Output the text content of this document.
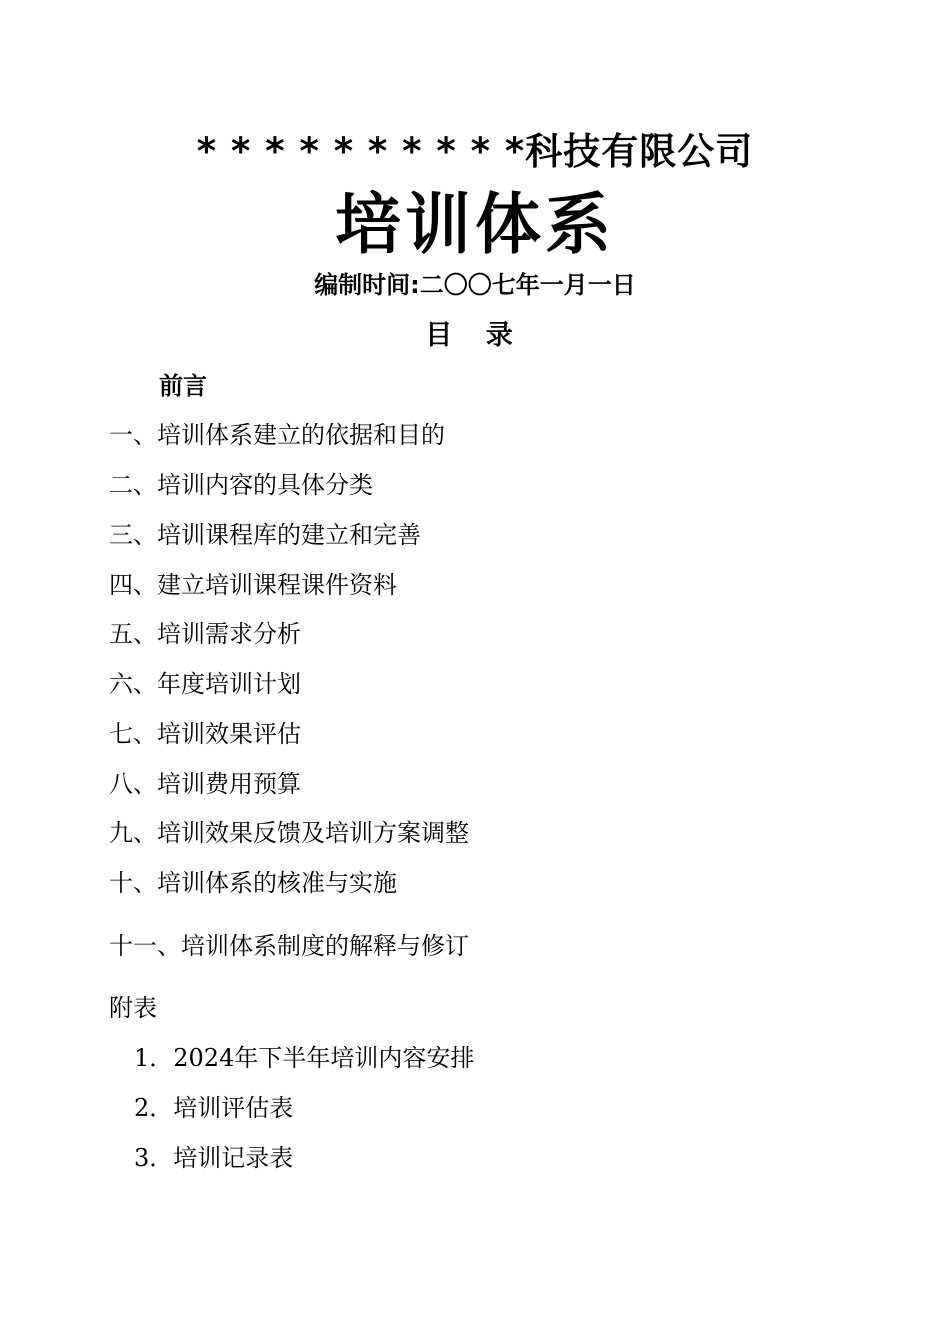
* * * * * * * * * *科技有限公司
培训体系
编制时间:二〇〇七年一月一日
目 录
前言
一、培训体系建立的依据和目的
二、培训内容的具体分类
三、培训课程库的建立和完善
四、建立培训课程课件资料
五、培训需求分析
六、年度培训计划
七、培训效果评估
八、培训费用预算
九、培训效果反馈及培训方案调整
十、培训体系的核准与实施
十一、培训体系制度的解释与修订
附表
1．2024年下半年培训内容安排
2．培训评估表
3．培训记录表
